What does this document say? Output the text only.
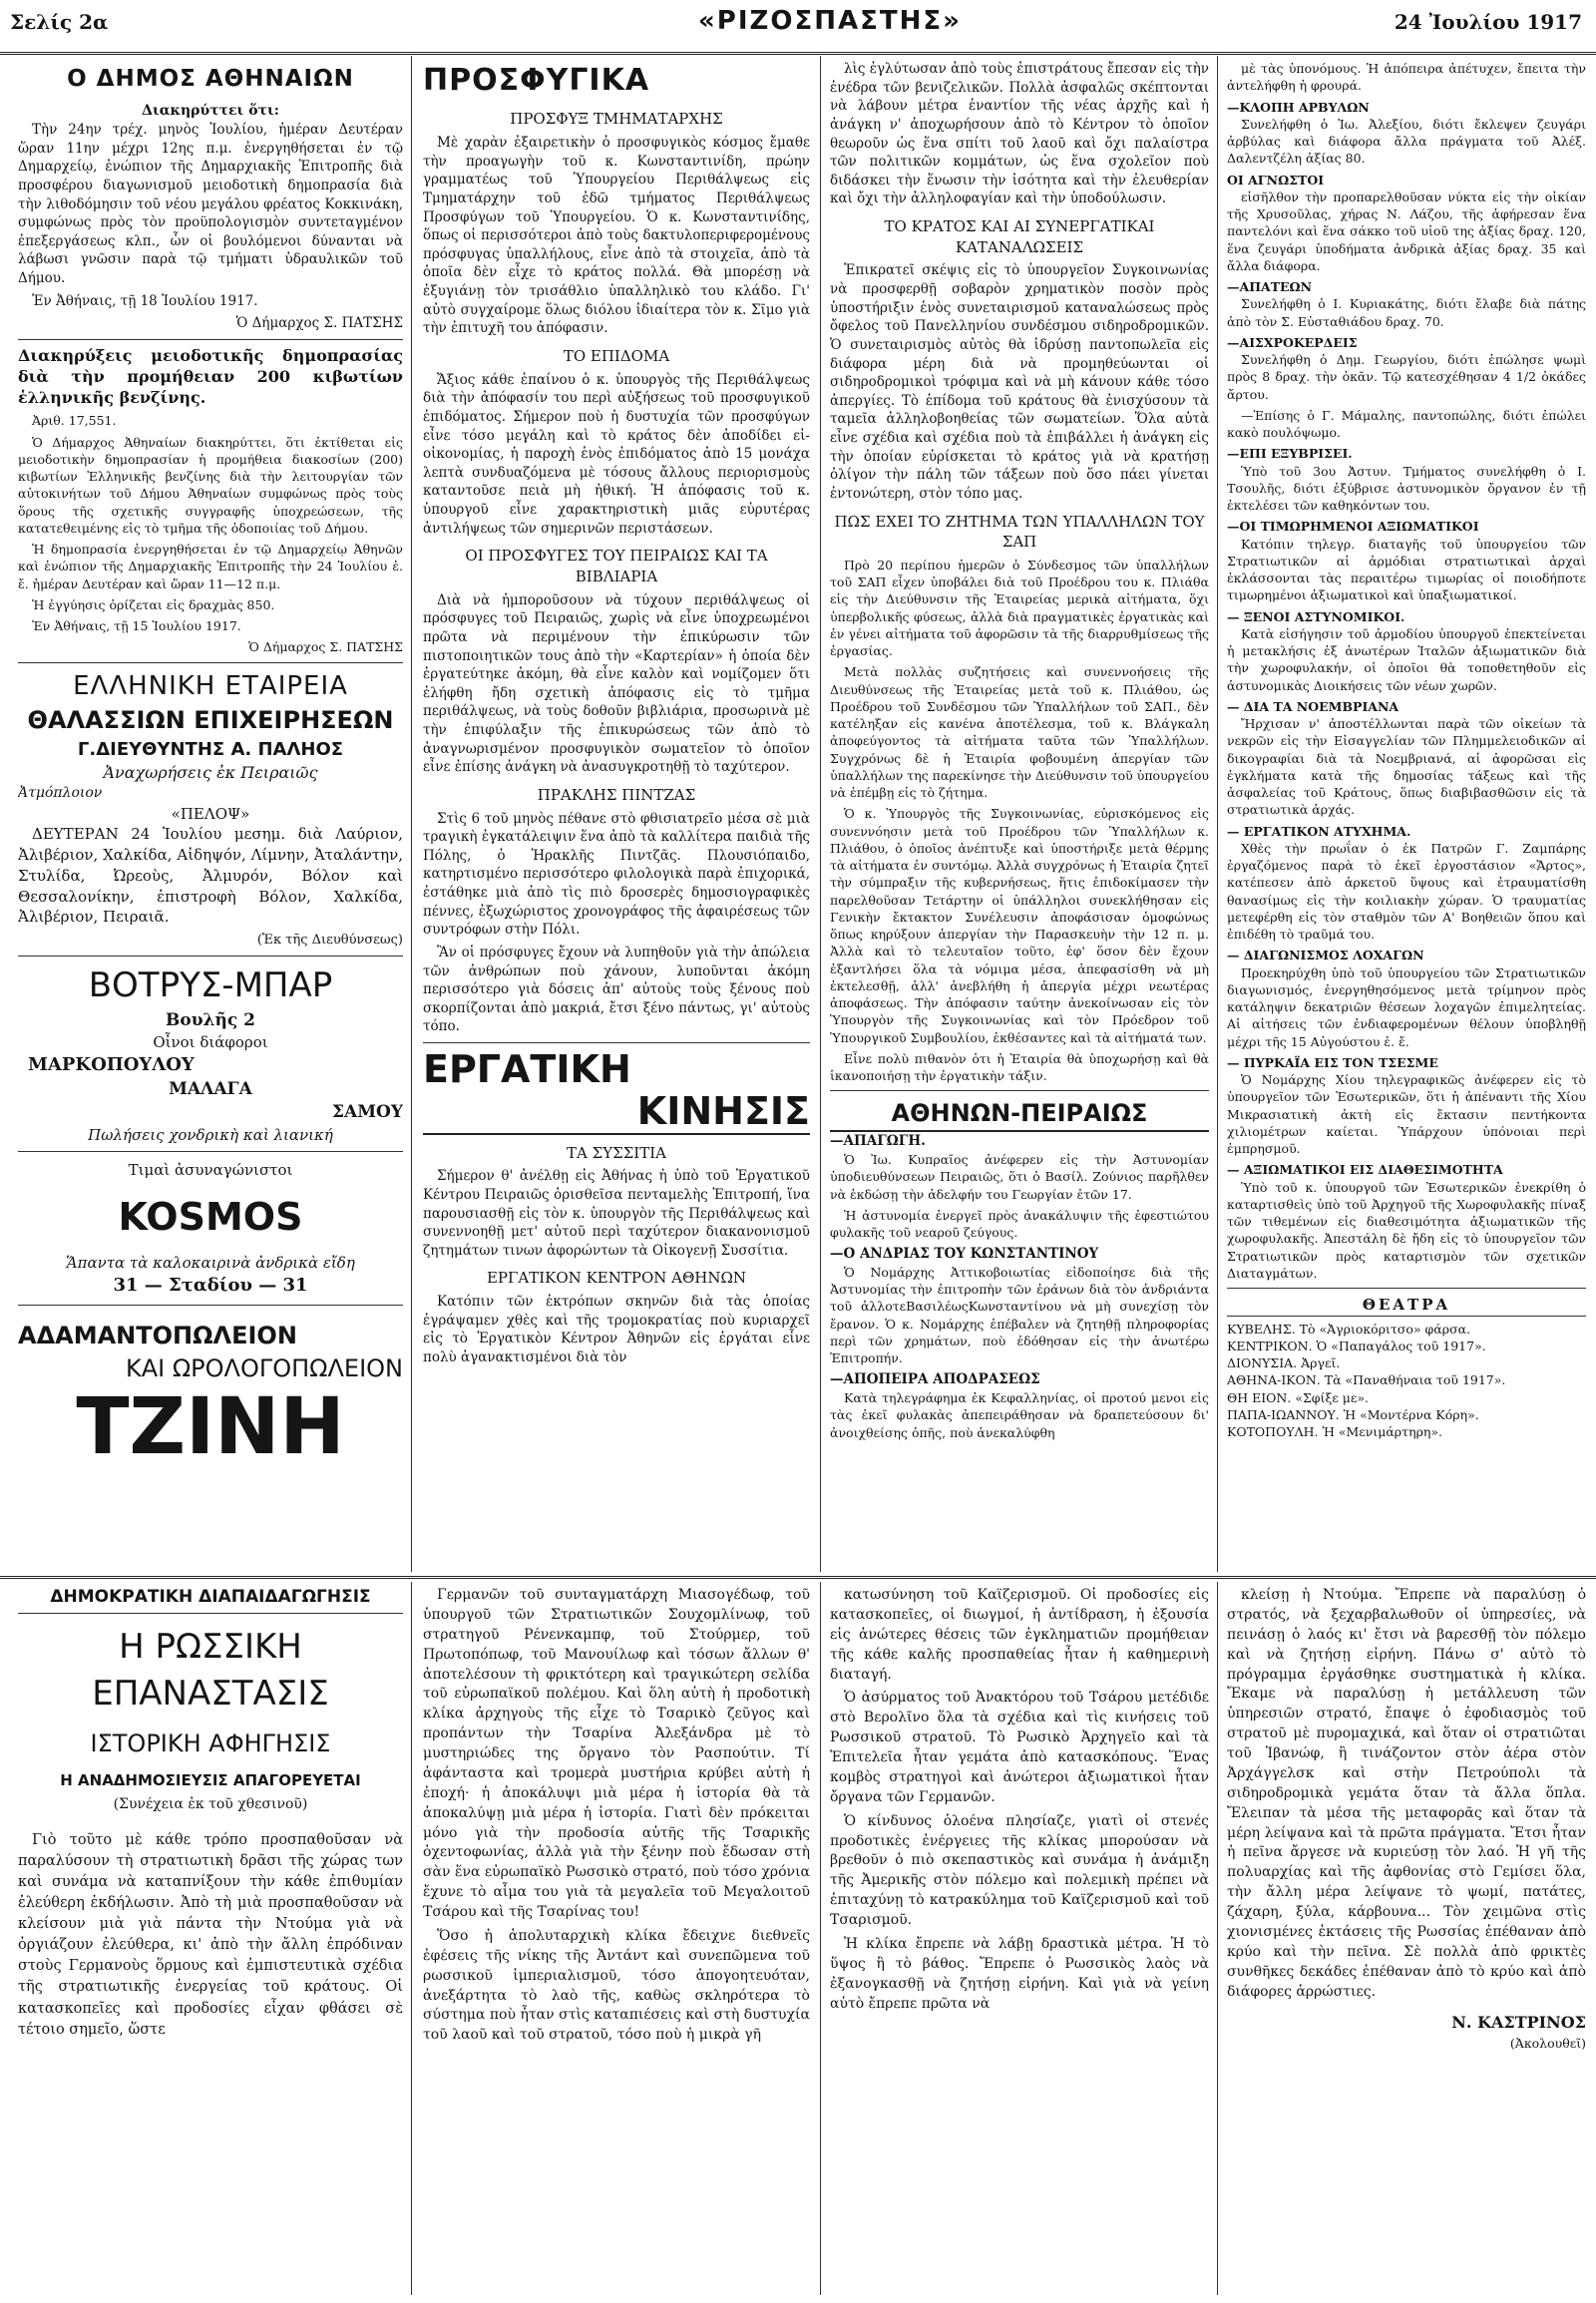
Σελίς 2α	«ΡΙΖΟΣΠΑΣΤΗΣ»	24 Ἰουλίου 1917
Ο ΔΗΜΟΣ ΑΘΗΝΑΙΩΝ
Διακηρύττει ὅτι:

Τὴν 24ην τρέχ. μηνὸς Ἰουλίου, ἡμέραν Δευτέραν ὥραν 11ην μέχρι 12ης π.μ. ἐνεργηθήσεται ἐν τῷ Δημαρχείῳ, ἐνώπιον τῆς Δημαρχιακῆς Ἐπιτροπῆς διὰ προσφέρου διαγωνισμοῦ μειοδοτικὴ δημοπρασία διὰ τὴν λιθοδόμησιν τοῦ νέου μεγάλου φρέατος Κοκκινάκη, συμφώνως πρὸς τὸν προϋπολογισμὸν συντεταγμένον ἐπεξεργάσεως κλπ., ὧν οἱ βουλόμενοι δύνανται νὰ λάβωσι γνῶσιν παρὰ τῷ τμήματι ὑδραυλικῶν τοῦ Δήμου.

Ἐν Ἀθήναις, τῇ 18 Ἰουλίου 1917.

Ὁ Δήμαρχος Σ. ΠΑΤΣΗΣ
Διακηρύξεις μειοδοτικῆς δημοπρασίας διὰ τὴν προμήθειαν 200 κιβωτίων ἑλληνικῆς βενζίνης.

Ἀριθ. 17,551.

Ὁ Δήμαρχος Ἀθηναίων διακηρύττει, ὅτι ἐκτίθεται εἰς μειοδοτικὴν δημοπρασίαν ἡ προμήθεια διακοσίων (200) κιβωτίων Ἑλληνικῆς βενζίνης διὰ τὴν λειτουργίαν τῶν αὐτοκινήτων τοῦ Δήμου Ἀθηναίων συμφώνως πρὸς τοὺς ὅρους τῆς σχετικῆς συγγραφῆς ὑποχρεώσεων, τῆς κατατεθειμένης εἰς τὸ τμῆμα τῆς ὁδοποιίας τοῦ Δήμου.

Ἡ δημοπρασία ἐνεργηθήσεται ἐν τῷ Δημαρχείῳ Ἀθηνῶν καὶ ἐνώπιον τῆς Δημαρχιακῆς Ἐπιτροπῆς τὴν 24 Ἰουλίου ἐ. ἔ. ἡμέραν Δευτέραν καὶ ὥραν 11—12 π.μ.

Ἡ ἐγγύησις ὁρίζεται εἰς δραχμὰς 850.

Ἐν Ἀθήναις, τῇ 15 Ἰουλίου 1917.

Ὁ Δήμαρχος Σ. ΠΑΤΣΗΣ
ΕΛΛΗΝΙΚΗ ΕΤΑΙΡΕΙΑ
ΘΑΛΑΣΣΙΩΝ ΕΠΙΧΕΙΡΗΣΕΩΝ
Γ.ΔΙΕΥΘΥΝΤΗΣ Α. ΠΑΛΗΟΣ
Ἀναχωρήσεις ἐκ Πειραιῶς
Ἀτμόπλοιον
«ΠΕΛΟΨ»

ΔΕΥΤΕΡΑΝ 24 Ἰουλίου μεσημ. διὰ Λαύριον, Ἀλιβέριον, Χαλκίδα, Αἰδηψόν, Λίμνην, Ἀταλάντην, Στυλίδα, Ὠρεοὺς, Ἀλμυρόν, Βόλον καὶ Θεσσαλονίκην, ἐπιστροφὴ Βόλον, Χαλκίδα, Ἀλιβέριον, Πειραιᾶ.

(Ἐκ τῆς Διευθύνσεως)
ΒΟΤΡΥΣ-ΜΠΑΡ
Βουλῆς 2
Οἶνοι διάφοροι
ΜΑΡΚΟΠΟΥΛΟΥ
ΜΑΛΑΓΑ
ΣΑΜΟΥ
Πωλήσεις χονδρικὴ καὶ λιανική
Τιμαὶ ἀσυναγώνιστοι
KOSMOS
Ἅπαντα τὰ καλοκαιρινὰ ἀνδρικὰ εἴδη
31 — Σταδίου — 31
ΑΔΑΜΑΝΤΟΠΩΛΕΙΟΝ
ΚΑΙ ΩΡΟΛΟΓΟΠΩΛΕΙΟΝ
ΤΖΙΝΗ
ΠΡΟΣΦΥΓΙΚΑ
ΠΡΟΣΦΥΞ ΤΜΗΜΑΤΑΡΧΗΣ

Μὲ χαρὰν ἐξαιρετικὴν ὁ προσφυγικὸς κόσμος ἔμαθε τὴν προαγωγὴν τοῦ κ. Κωνσταντινίδη, πρώην γραμματέως τοῦ Ὑπουργείου Περιθάλψεως εἰς Τμηματάρχην τοῦ ἐδῶ τμήματος Περιθάλψεως Προσφύγων τοῦ Ὑπουργείου. Ὁ κ. Κωνσταντινίδης, ὅπως οἱ περισσότεροι ἀπὸ τοὺς δακτυλοπεριφερομένους πρόσφυγας ὑπαλλήλους, εἶνε ἀπὸ τὰ στοιχεῖα, ἀπὸ τὰ ὁποῖα δὲν εἶχε τὸ κράτος πολλά. Θὰ μπορέσῃ νὰ ἐξυγιάνῃ τὸν τρισάθλιο ὑπαλληλικὸ του κλάδο. Γι' αὐτὸ συγχαίρομε ὅλως διόλου ἰδιαίτερα τὸν κ. Σῖμο γιὰ τὴν ἐπιτυχῆ του ἀπόφασιν.

ΤΟ ΕΠΙΔΟΜΑ

Ἄξιος κάθε ἐπαίνου ὁ κ. ὑπουργὸς τῆς Περιθάλψεως διὰ τὴν ἀπόφασίν του περὶ αὐξήσεως τοῦ προσφυγικοῦ ἐπιδόματος. Σήμερον ποὺ ἡ δυστυχία τῶν προσφύγων εἶνε τόσο μεγάλη καὶ τὸ κράτος δὲν ἀποδίδει εἰ-οἰκονομίας, ἡ παροχὴ ἑνὸς ἐπιδόματος ἀπὸ 15 μονάχα λεπτὰ συνδυαζόμενα μὲ τόσους ἄλλους περιορισμοὺς καταντοῦσε πειὰ μὴ ἠθική. Ἡ ἀπόφασις τοῦ κ. ὑπουργοῦ εἶνε χαρακτηριστικὴ μιᾶς εὐρυτέρας ἀντιλήψεως τῶν σημερινῶν περιστάσεων.

ΟΙ ΠΡΟΣΦΥΓΕΣ ΤΟΥ ΠΕΙΡΑΙΩΣ ΚΑΙ ΤΑ ΒΙΒΛΙΑΡΙΑ

Διὰ νὰ ἠμποροῦσουν νὰ τύχουν περιθάλψεως οἱ πρόσφυγες τοῦ Πειραιῶς, χωρὶς νὰ εἶνε ὑποχρεωμένοι πρῶτα νὰ περιμένουν τὴν ἐπικύρωσιν τῶν πιστοποιητικῶν τους ἀπὸ τὴν «Καρτερίαν» ἡ ὁποία δὲν ἐργατεύτηκε ἀκόμη, θὰ εἶνε καλὸν καὶ νομίζομεν ὅτι ἐλήφθη ἤδη σχετικὴ ἀπόφασις εἰς τὸ τμῆμα περιθάλψεως, νὰ τοὺς δοθοῦν βιβλιάρια, προσωρινὰ μὲ τὴν ἐπιφύλαξιν τῆς ἐπικυρώσεως τῶν ἀπὸ τὸ ἀναγνωρισμένον προσφυγικὸν σωματεῖον τὸ ὁποῖον εἶνε ἐπίσης ἀνάγκη νὰ ἀνασυγκροτηθῇ τὸ ταχύτερον.

ΠΡΑΚΛΗΣ ΠΙΝΤΖΑΣ

Στὶς 6 τοῦ μηνὸς πέθανε στὸ φθισιατρεῖο μέσα σὲ μιὰ τραγικὴ ἐγκατάλειψιν ἕνα ἀπὸ τὰ καλλίτερα παιδιὰ τῆς Πόλης, ὁ Ἡρακλῆς Πιντζᾶς. Πλουσιόπαιδο, κατηρτισμένο περισσότερο φιλολογικὰ παρὰ ἐπιχορικά, ἐστάθηκε μιὰ ἀπὸ τὶς πιὸ δροσερὲς δημοσιογραφικὲς πέννες, ἐξωχώριστος χρονογράφος τῆς ἀφαιρέσεως τῶν συντρόφων στὴν Πόλι.

Ἂν οἱ πρόσφυγες ἔχουν νὰ λυπηθοῦν γιὰ τὴν ἀπώλεια τῶν ἀνθρώπων ποὺ χάνουν, λυποῦνται ἀκόμη περισσότερο γιὰ δόσεις ἀπ' αὐτοὺς τοὺς ξένους ποὺ σκορπίζονται ἀπὸ μακριά, ἔτσι ξένο πάντως, γι' αὐτοὺς τόπο.

ΕΡΓΑΤΙΚΗ
ΚΙΝΗΣΙΣ
ΤΑ ΣΥΣΣΙΤΙΑ

Σήμερον θ' ἀνέλθῃ εἰς Ἀθήνας ἡ ὑπὸ τοῦ Ἐργατικοῦ Κέντρου Πειραιῶς ὁρισθεῖσα πενταμελὴς Ἐπιτροπή, ἵνα παρουσιασθῇ εἰς τὸν κ. ὑπουργὸν τῆς Περιθάλψεως καὶ συνεννοηθῇ μετ' αὐτοῦ περὶ ταχύτερον διακανονισμοῦ ζητημάτων τινων ἀφορώντων τὰ Οἰκογενῇ Συσσίτια.

ΕΡΓΑΤΙΚΟΝ ΚΕΝΤΡΟΝ ΑΘΗΝΩΝ

Κατόπιν τῶν ἐκτρόπων σκηνῶν διὰ τὰς ὁποίας ἐγράψαμεν χθὲς καὶ τῆς τρομοκρατίας ποὺ κυριαρχεῖ εἰς τὸ Ἐργατικὸν Κέντρον Ἀθηνῶν εἰς ἐργάται εἶνε πολὺ ἀγανακτισμένοι διὰ τὸν

λὶς ἐγλύτωσαν ἀπὸ τοὺς ἐπιστράτους ἔπεσαν εἰς τὴν ἐνέδρα τῶν βενιζελικῶν. Πολλὰ ἀσφαλῶς σκέπτονται νὰ λάβουν μέτρα ἐναντίον τῆς νέας ἀρχῆς καὶ ἡ ἀνάγκη ν' ἀποχωρήσουν ἀπὸ τὸ Κέντρον τὸ ὁποῖον θεωροῦν ὡς ἕνα σπίτι τοῦ λαοῦ καὶ ὄχι παλαίστρα τῶν πολιτικῶν κομμάτων, ὡς ἕνα σχολεῖον ποὺ διδάσκει τὴν ἕνωσιν τὴν ἰσότητα καὶ τὴν ἐλευθερίαν καὶ ὄχι τὴν ἀλληλοφαγίαν καὶ τὴν ὑποδούλωσιν.

ΤΟ ΚΡΑΤΟΣ ΚΑΙ ΑΙ ΣΥΝΕΡΓΑΤΙΚΑΙ ΚΑΤΑΝΑΛΩΣΕΙΣ

Ἐπικρατεῖ σκέψις εἰς τὸ ὑπουργεῖον Συγκοινωνίας νὰ προσφερθῇ σοβαρὸν χρηματικὸν ποσὸν πρὸς ὑποστήριξιν ἑνὸς συνεταιρισμοῦ καταναλώσεως πρὸς ὄφελος τοῦ Πανελληνίου συνδέσμου σιδηροδρομικῶν. Ὁ συνεταιρισμὸς αὐτὸς θὰ ἱδρύσῃ παντοπωλεῖα εἰς διάφορα μέρη διὰ νὰ προμηθεύωνται οἱ σιδηροδρομικοὶ τρόφιμα καὶ νὰ μὴ κάνουν κάθε τόσο ἀπεργίες. Τὸ ἐπίδομα τοῦ κράτους θὰ ἐνισχύσουν τὰ ταμεῖα ἀλληλοβοηθείας τῶν σωματείων. Ὅλα αὐτὰ εἶνε σχέδια καὶ σχέδια ποὺ τὰ ἐπιβάλλει ἡ ἀνάγκη εἰς τὴν ὁποίαν εὑρίσκεται τὸ κράτος γιὰ νὰ κρατήσῃ ὀλίγον τὴν πάλη τῶν τάξεων ποὺ ὅσο πάει γίνεται ἐντονώτερη, στὸν τόπο μας.

ΠΩΣ ΕΧΕΙ ΤΟ ΖΗΤΗΜΑ ΤΩΝ ΥΠΑΛΛΗΛΩΝ ΤΟΥ ΣΑΠ

Πρὸ 20 περίπου ἡμερῶν ὁ Σύνδεσμος τῶν ὑπαλλήλων τοῦ ΣΑΠ εἶχεν ὑποβάλει διὰ τοῦ Προέδρου του κ. Πλιάθα εἰς τὴν Διεύθυνσιν τῆς Ἑταιρείας μερικὰ αἰτήματα, ὅχι ὑπερβολικῆς φύσεως, ἀλλὰ διὰ πραγματικὲς ἐργατικὰς καὶ ἐν γένει αἰτήματα τοῦ ἀφορῶσιν τὰ τῆς διαρρυθμίσεως τῆς ἐργασίας.

Μετὰ πολλὰς συζητήσεις καὶ συνεννοήσεις τῆς Διευθύνσεως τῆς Ἑταιρείας μετὰ τοῦ κ. Πλιάθου, ὡς Προέδρου τοῦ Συνδέσμου τῶν Ὑπαλλήλων τοῦ ΣΑΠ., δὲν κατέληξαν εἰς κανένα ἀποτέλεσμα, τοῦ κ. Βλάγκαλη ἀποφεύγοντος τὰ αἰτήματα ταῦτα τῶν Ὑπαλλήλων. Συγχρόνως δὲ ἡ Ἑταιρία φοβουμένη ἀπεργίαν τῶν ὑπαλλήλων της παρεκίνησε τὴν Διεύθυνσιν τοῦ ὑπουργείου νὰ ἐπέμβῃ εἰς τὸ ζήτημα.

Ὁ κ. Ὑπουργὸς τῆς Συγκοινωνίας, εὐρισκόμενος εἰς συνεννόησιν μετὰ τοῦ Προέδρου τῶν Ὑπαλλήλων κ. Πλιάθου, ὁ ὁποῖος ἀνέπτυξε καὶ ὑποστήριξε μετὰ θέρμης τὰ αἰτήματα ἐν συντόμῳ. Ἀλλὰ συγχρόνως ἡ Ἑταιρία ζητεῖ τὴν σύμπραξιν τῆς κυβερνήσεως, ἥτις ἐπιδοκίμασεν τὴν παρελθοῦσαν Τετάρτην οἱ ὑπάλληλοι συνεκλήθησαν εἰς Γενικὴν ἔκτακτον Συνέλευσιν ἀποφάσισαν ὁμοφώνως ὅπως κηρύξουν ἀπεργίαν τὴν Παρασκευὴν τὴν 12 π. μ. Ἀλλὰ καὶ τὸ τελευταῖον τοῦτο, ἐφ' ὅσον δὲν ἔχουν ἐξαντλήσει ὅλα τὰ νόμιμα μέσα, ἀπεφασίσθη νὰ μὴ ἐκτελεσθῇ, ἀλλ' ἀνεβλήθη ἡ ἀπεργία μέχρι νεωτέρας ἀποφάσεως. Τὴν ἀπόφασιν ταύτην ἀνεκοίνωσαν εἰς τὸν Ὑπουργὸν τῆς Συγκοινωνίας καὶ τὸν Πρόεδρον τοῦ Ὑπουργικοῦ Συμβουλίου, ἐκθέσαντες καὶ τὰ αἰτήματά των.

Εἶνε πολὺ πιθανὸν ὁτι ἡ Ἑταιρία θὰ ὑποχωρήσῃ καὶ θὰ ἱκανοποιήσῃ τὴν ἐργατικὴν τάξιν.

ΑΘΗΝΩΝ-ΠΕΙΡΑΙΩΣ
—ΑΠΑΓΩΓΗ.

Ὁ Ἰω. Κυπραῖος ἀνέφερεν εἰς τὴν Ἀστυνομίαν ὑποδιευθύνσεων Πειραιῶς, ὅτι ὁ Βασίλ. Ζούνιος παρῆλθεν νὰ ἐκδώσῃ τὴν ἀδελφήν του Γεωργίαν ἐτῶν 17.

Ἡ ἀστυνομία ἐνεργεῖ πρὸς ἀνακάλυψιν τῆς ἐφεστιώτου φυλακῆς τοῦ νεαροῦ ζεύγους.

—Ο ΑΝΔΡΙΑΣ ΤΟΥ ΚΩΝΣΤΑΝΤΙΝΟΥ

Ὁ Νομάρχης Ἀττικοβοιωτίας εἰδοποίησε διὰ τῆς Ἀστυνομίας τὴν ἐπιτροπὴν τῶν ἐράνων διὰ τὸν ἀνδριάντα τοῦ ἀλλοτεΒασιλέωςΚωνσταντίνου νὰ μὴ συνεχίσῃ τὸν ἔρανον. Ὁ κ. Νομάρχης ἐπέβαλεν νὰ ζητηθῇ πληροφορίας περὶ τῶν χρημάτων, ποὺ ἐδόθησαν εἰς τὴν ἀνωτέρω Ἐπιτροπήν.

—ΑΠΟΠΕΙΡΑ ΑΠΟΔΡΑΣΕΩΣ

Κατὰ τηλεγράφημα ἐκ Κεφαλληνίας, οἱ προτού μενοι εἰς τὰς ἐκεῖ φυλακὰς ἀπεπειράθησαν νὰ δραπετεύσουν δι' ἀνοιχθείσης ὀπῆς, ποὺ ἀνεκαλύφθη

μὲ τὰς ὑπονόμους. Ἡ ἀπόπειρα ἀπέτυχεν, ἔπειτα τὴν ἀντελήφθη ἡ φρουρά.

—ΚΛΟΠΗ ΑΡΒΥΛΩΝ

Συνελήφθη ὁ Ἰω. Ἀλεξίου, διότι ἔκλεψεν ζευγάρι ἀρβύλας καὶ διάφορα ἄλλα πράγματα τοῦ Ἀλέξ. Δαλεντζέλη ἀξίας 80.

ΟΙ ΑΓΝΩΣΤΟΙ

εἰσῆλθον τὴν προπαρελθοῦσαν νύκτα εἰς τὴν οἰκίαν τῆς Χρυσοῦλας, χήρας Ν. Λάζου, τῆς ἀφήρεσαν ἕνα παντελόνι καὶ ἕνα σάκκο τοῦ υἱοῦ της ἀξίας δραχ. 120, ἕνα ζευγάρι ὑποδήματα ἀνδρικὰ ἀξίας δραχ. 35 καὶ ἄλλα διάφορα.

—ΑΠΑΤΕΩΝ

Συνελήφθη ὁ Ι. Κυριακάτης, διότι ἔλαβε διὰ πάτης ἀπὸ τὸν Σ. Εὐσταθιάδου δραχ. 70.

—ΑΙΣΧΡΟΚΕΡΔΕΙΣ

Συνελήφθη ὁ Δημ. Γεωργίου, διότι ἐπώλησε ψωμὶ πρὸς 8 δραχ. τὴν ὀκᾶν. Τῷ κατεσχέθησαν 4 1/2 ὀκάδες ἄρτου.

—Ἐπίσης ὁ Γ. Μάμαλης, παντοπώλης, διότι ἐπώλει κακὸ πουλόψωμο.

—ΕΠΙ ΕΞΥΒΡΙΣΕΙ.

Ὑπὸ τοῦ 3ου Ἀστυν. Τμήματος συνελήφθη ὁ Ι. Τσουλῆς, διότι ἐξύβρισε ἀστυνομικὸν ὄργανον ἐν τῇ ἐκτελέσει τῶν καθηκόντων του.

—ΟΙ ΤΙΜΩΡΗΜΕΝΟΙ ΑΞΙΩΜΑΤΙΚΟΙ

Κατόπιν τηλεγρ. διαταγῆς τοῦ ὑπουργείου τῶν Στρατιωτικῶν αἱ ἀρμόδιαι στρατιωτικαὶ ἀρχαὶ ἐκλάσσονται τὰς περαιτέρω τιμωρίας οἱ ποιοδήποτε τιμωρημένοι ἀξιωματικοὶ καὶ ὑπαξιωματικοί.

— ΞΕΝΟΙ ΑΣΤΥΝΟΜΙΚΟΙ.

Κατὰ εἰσήγησιν τοῦ ἀρμοδίου ὑπουργοῦ ἐπεκτείνεται ἡ μετακλήσις ἐξ ἀνωτέρων Ἰταλῶν ἀξιωματικῶν διὰ τὴν χωροφυλακήν, οἱ ὁποῖοι θὰ τοποθετηθοῦν εἰς ἀστυνομικὰς Διοικήσεις τῶν νέων χωρῶν.

— ΔΙΑ ΤΑ ΝΟΕΜΒΡΙΑΝΑ

Ἤρχισαν ν' ἀποστέλλωνται παρὰ τῶν οἰκείων τὰ νεκρῶν εἰς τὴν Εἰσαγγελίαν τῶν Πλημμελειοδικῶν αἱ δικογραφίαι διὰ τὰ Νοεμβριανά, αἱ ἀφορῶσαι εἰς ἐγκλήματα κατὰ τῆς δημοσίας τάξεως καὶ τῆς ἀσφαλείας τοῦ Κράτους, ὅπως διαβιβασθῶσιν εἰς τὰ στρατιωτικὰ ἀρχάς.

— ΕΡΓΑΤΙΚΟΝ ΑΤΥΧΗΜΑ.

Χθὲς τὴν πρωΐαν ὁ ἐκ Πατρῶν Γ. Ζαμπάρης ἐργαζόμενος παρὰ τὸ ἐκεῖ ἐργοστάσιον «Ἄρτος», κατέπεσεν ἀπὸ ἀρκετοῦ ὕψους καὶ ἐτραυματίσθη θανασίμως εἰς τὴν κοιλιακὴν χώραν. Ὁ τραυματίας μετεφέρθη εἰς τὸν σταθμὸν τῶν Α' Βοηθειῶν ὅπου καὶ ἐπιδέθη τὸ τραῦμά του.

— ΔΙΑΓΩΝΙΣΜΟΣ ΛΟΧΑΓΩΝ

Προεκηρύχθη ὑπὸ τοῦ ὑπουργείου τῶν Στρατιωτικῶν διαγωνισμός, ἐνεργηθησόμενος μετὰ τρίμηνον πρὸς κατάληψιν δεκατριῶν θέσεων λοχαγῶν ἐπιμελητείας. Αἱ αἰτήσεις τῶν ἐνδιαφερομένων θέλουν ὑποβληθῇ μέχρι τῆς 15 Αὐγούστου ἐ. ἔ.

— ΠΥΡΚΑΪΑ ΕΙΣ ΤΟΝ ΤΣΕΣΜΕ

Ὁ Νομάρχης Χίου τηλεγραφικῶς ἀνέφερεν εἰς τὸ ὑπουργεῖον τῶν Ἐσωτερικῶν, ὅτι ἡ ἀπέναντι τῆς Χίου Μικρασιατικὴ ἀκτὴ εἰς ἔκτασιν πεντήκοντα χιλιομέτρων καίεται. Ὑπάρχουν ὑπόνοιαι περὶ ἐμπρησμοῦ.

— ΑΞΙΩΜΑΤΙΚΟΙ ΕΙΣ ΔΙΑΘΕΣΙΜΟΤΗΤΑ

Ὑπὸ τοῦ κ. ὑπουργοῦ τῶν Ἐσωτερικῶν ἐνεκρίθη ὁ καταρτισθεὶς ὑπὸ τοῦ Ἀρχηγοῦ τῆς Χωροφυλακῆς πίναξ τῶν τιθεμένων εἰς διαθεσιμότητα ἀξιωματικῶν τῆς χωροφυλακῆς. Ἀπεστάλη δὲ ἤδη εἰς τὸ ὑπουργεῖον τῶν Στρατιωτικῶν πρὸς καταρτισμὸν τῶν σχετικῶν Διαταγμάτων.

ΘΕΑΤΡΑ
ΚΥΒΕΛΗΣ. Τὸ «Ἀγριοκόριτσο» φάρσα.
ΚΕΝΤΡΙΚΟΝ. Ὁ «Παπαγάλος τοῦ 1917».
ΔΙΟΝΥΣΙΑ. Ἀργεῖ.
ΑΘΗΝΑ-ΙΚΟΝ. Τὰ «Παναθήναια τοῦ 1917».
ΘΗ ΕΙΟΝ. «Σφίξε με».
ΠΑΠΑ-ΙΩΑΝΝΟΥ. Ἡ «Μοντέρνα Κόρη».
ΚΟΤΟΠΟΥΛΗ. Ἡ «Μενιμάρτηρη».
ΔΗΜΟΚΡΑΤΙΚΗ ΔΙΑΠΑΙΔΑΓΩΓΗΣΙΣ
Η ΡΩΣΣΙΚΗ ΕΠΑΝΑΣΤΑΣΙΣ
ΙΣΤΟΡΙΚΗ ΑΦΗΓΗΣΙΣ
Η ΑΝΑΔΗΜΟΣΙΕΥΣΙΣ ΑΠΑΓΟΡΕΥΕΤΑΙ
(Συνέχεια ἐκ τοῦ χθεσινοῦ)

Γιὸ τοῦτο μὲ κάθε τρόπο προσπαθοῦσαν νὰ παραλύσουν τὴ στρατιωτικὴ δρᾶσι τῆς χώρας των καὶ συνάμα νὰ καταπνίξουν τὴν κάθε ἐπιθυμίαν ἐλεύθερη ἐκδήλωσιν. Ἀπὸ τὴ μιὰ προσπαθοῦσαν νὰ κλείσουν μιὰ γιὰ πάντα τὴν Ντούμα γιὰ νὰ ὀργιάζουν ἐλεύθερα, κι' ἀπὸ τὴν ἄλλη ἐπρόδιναν στοὺς Γερμανοὺς ὅρμους καὶ ἐμπιστευτικὰ σχέδια τῆς στρατιωτικῆς ἐνεργείας τοῦ κράτους. Οἱ κατασκοπεῖες καὶ προδοσίες εἶχαν φθάσει σὲ τέτοιο σημεῖο, ὥστε

Γερμανῶν τοῦ συνταγματάρχη Μιασογέδωφ, τοῦ ὑπουργοῦ τῶν Στρατιωτικῶν Σουχομλίνωφ, τοῦ στρατηγοῦ Ρένενκαμπφ, τοῦ Στούρμερ, τοῦ Πρωτοπόπωφ, τοῦ Μανουίλωφ καὶ τόσων ἄλλων θ' ἀποτελέσουν τὴ φρικτότερη καὶ τραγικώτερη σελίδα τοῦ εὐρωπαϊκοῦ πολέμου. Καὶ ὅλη αὐτὴ ἡ προδοτικὴ κλίκα ἀρχηγοὺς τῆς εἶχε τὸ Τσαρικὸ ζεῦγος καὶ προπάντων τὴν Τσαρίνα Ἀλεξάνδρα μὲ τὸ μυστηριώδες της ὄργανο τὸν Ρασπούτιν. Τί ἀφάνταστα καὶ τρομερὰ μυστήρια κρύβει αὐτὴ ἡ ἐποχή· ἡ ἀποκάλυψι μιὰ μέρα ἡ ἱστορία θὰ τὰ ἀποκαλύψῃ μιὰ μέρα ἡ ἱστορία. Γιατὶ δὲν πρόκειται μόνο γιὰ τὴν προδοσία αὐτῆς τῆς Τσαρικῆς ὀχεντοφωνίας, ἀλλὰ γιὰ τὴν ξένην ποὺ ἔδωσαν στὴ σὰν ἕνα εὐρωπαϊκὸ Ρωσσικὸ στρατό, ποὺ τόσο χρόνια ἔχυνε τὸ αἷμα του γιὰ τὰ μεγαλεῖα τοῦ Μεγαλοιτοῦ Τσάρου καὶ τῆς Τσαρίνας του!

Ὅσο ἡ ἀπολυταρχικὴ κλίκα ἔδειχνε διεθνεῖς ἐφέσεις τῆς νίκης τῆς Ἀντάντ καὶ συνεπῶμενα τοῦ ρωσσικοῦ ἰμπεριαλισμοῦ, τόσο ἀπογοητευόταν, ἀνεξάρτητα τὸ λαὸ τῆς, καθὼς σκληρότερα τὸ σύστημα ποὺ ἦταν στὶς καταπιέσεις καὶ στὴ δυστυχία τοῦ λαοῦ καὶ τοῦ στρατοῦ, τόσο ποὺ ἡ μικρὰ γῆ

κατωσύνηση τοῦ Καϊζερισμοῦ. Οἱ προδοσίες εἰς κατασκοπεῖες, οἱ διωγμοί, ἡ ἀντίδραση, ἡ ἐξουσία εἰς ἀνώτερες θέσεις τῶν ἐγκληματιῶν προμήθειαν τῆς κάθε καλῆς προσπαθείας ἦταν ἡ καθημερινὴ διαταγή.

Ὁ ἀσύρματος τοῦ Ἀνακτόρου τοῦ Τσάρου μετέδιδε στὸ Βερολῖνο ὅλα τὰ σχέδια καὶ τὶς κινήσεις τοῦ Ρωσσικοῦ στρατοῦ. Τὸ Ρωσικὸ Ἀρχηγεῖο καὶ τὰ Ἐπιτελεῖα ἦταν γεμάτα ἀπὸ κατασκόπους. Ἕνας κομβὸς στρατηγοὶ καὶ ἀνώτεροι ἀξιωματικοὶ ἦταν ὄργανα τῶν Γερμανῶν.

Ὁ κίνδυνος ὁλοένα πλησίαζε, γιατὶ οἱ στενές προδοτικὲς ἐνέργειες τῆς κλίκας μπορούσαν νὰ βρεθοῦν ὁ πιὸ σκεπαστικὸς καὶ συνάμα ἡ ἀνάμιξη τῆς Ἀμερικῆς στὸν πόλεμο καὶ πολεμικὴ πρέπει νὰ ἐπιταχύνῃ τὸ κατρακύλημα τοῦ Καϊζερισμοῦ καὶ τοῦ Τσαρισμοῦ.

Ἡ κλίκα ἔπρεπε νὰ λάβῃ δραστικὰ μέτρα. Ἡ τὸ ὕψος ἢ τὸ βάθος. Ἔπρεπε ὁ Ρωσσικὸς λαὸς νὰ ἐξανογκασθῇ νὰ ζητήσῃ εἰρήνη. Καὶ γιὰ νὰ γείνη αὐτὸ ἔπρεπε πρῶτα νὰ

κλείσῃ ἡ Ντούμα. Ἔπρεπε νὰ παραλύσῃ ὁ στρατός, νὰ ξεχαρβαλωθοῦν οἱ ὑπηρεσίες, νὰ πεινάσῃ ὁ λαός κι' ἔτσι νὰ βαρεσθῇ τὸν πόλεμο καὶ νὰ ζητήσῃ εἰρήνη. Πάνω σ' αὐτὸ τὸ πρόγραμμα ἐργάσθηκε συστηματικὰ ἡ κλίκα. Ἔκαμε νὰ παραλύσῃ ἡ μετάλλευση τῶν ὑπηρεσιῶν στρατό, ἔπαψε ὁ ἐφοδιασμὸς τοῦ στρατοῦ μὲ πυρομαχικά, καὶ ὅταν οἱ στρατιῶται τοῦ Ἰβανώφ, ἢ τινάζοντον στὸν ἀέρα στὸν Ἀρχάγγελσκ καὶ στὴν Πετρούπολι τὰ σιδηροδρομικὰ γεμάτα ὅταν τὰ ἄλλα ὅπλα. Ἔλειπαν τὰ μέσα τῆς μεταφορᾶς καὶ ὅταν τὰ μέρη λείψανα καὶ τὰ πρῶτα πράγματα. Ἔτσι ἦταν ἡ πεῖνα ἄργεσε νὰ κυριεύσῃ τὸν λαό. Ἡ γῆ τῆς πολυαρχίας καὶ τῆς ἀφθονίας στὸ Γεμίσει ὅλα, τὴν ἄλλη μέρα λείψανε τὸ ψωμί, πατάτες, ζάχαρη, ξύλα, κάρβουνα... Τὸν χειμῶνα στὶς χιονισμένες ἐκτάσεις τῆς Ρωσσίας ἐπέθαναν ἀπὸ κρύο καὶ τὴν πεῖνα. Σὲ πολλὰ ἀπὸ φρικτὲς συνθῆκες δεκάδες ἐπέθαναν ἀπὸ τὸ κρύο καὶ ἀπὸ διάφορες ἀρρώστιες.

Ν. ΚΑΣΤΡΙΝΟΣ
(Ἀκολουθεῖ)
